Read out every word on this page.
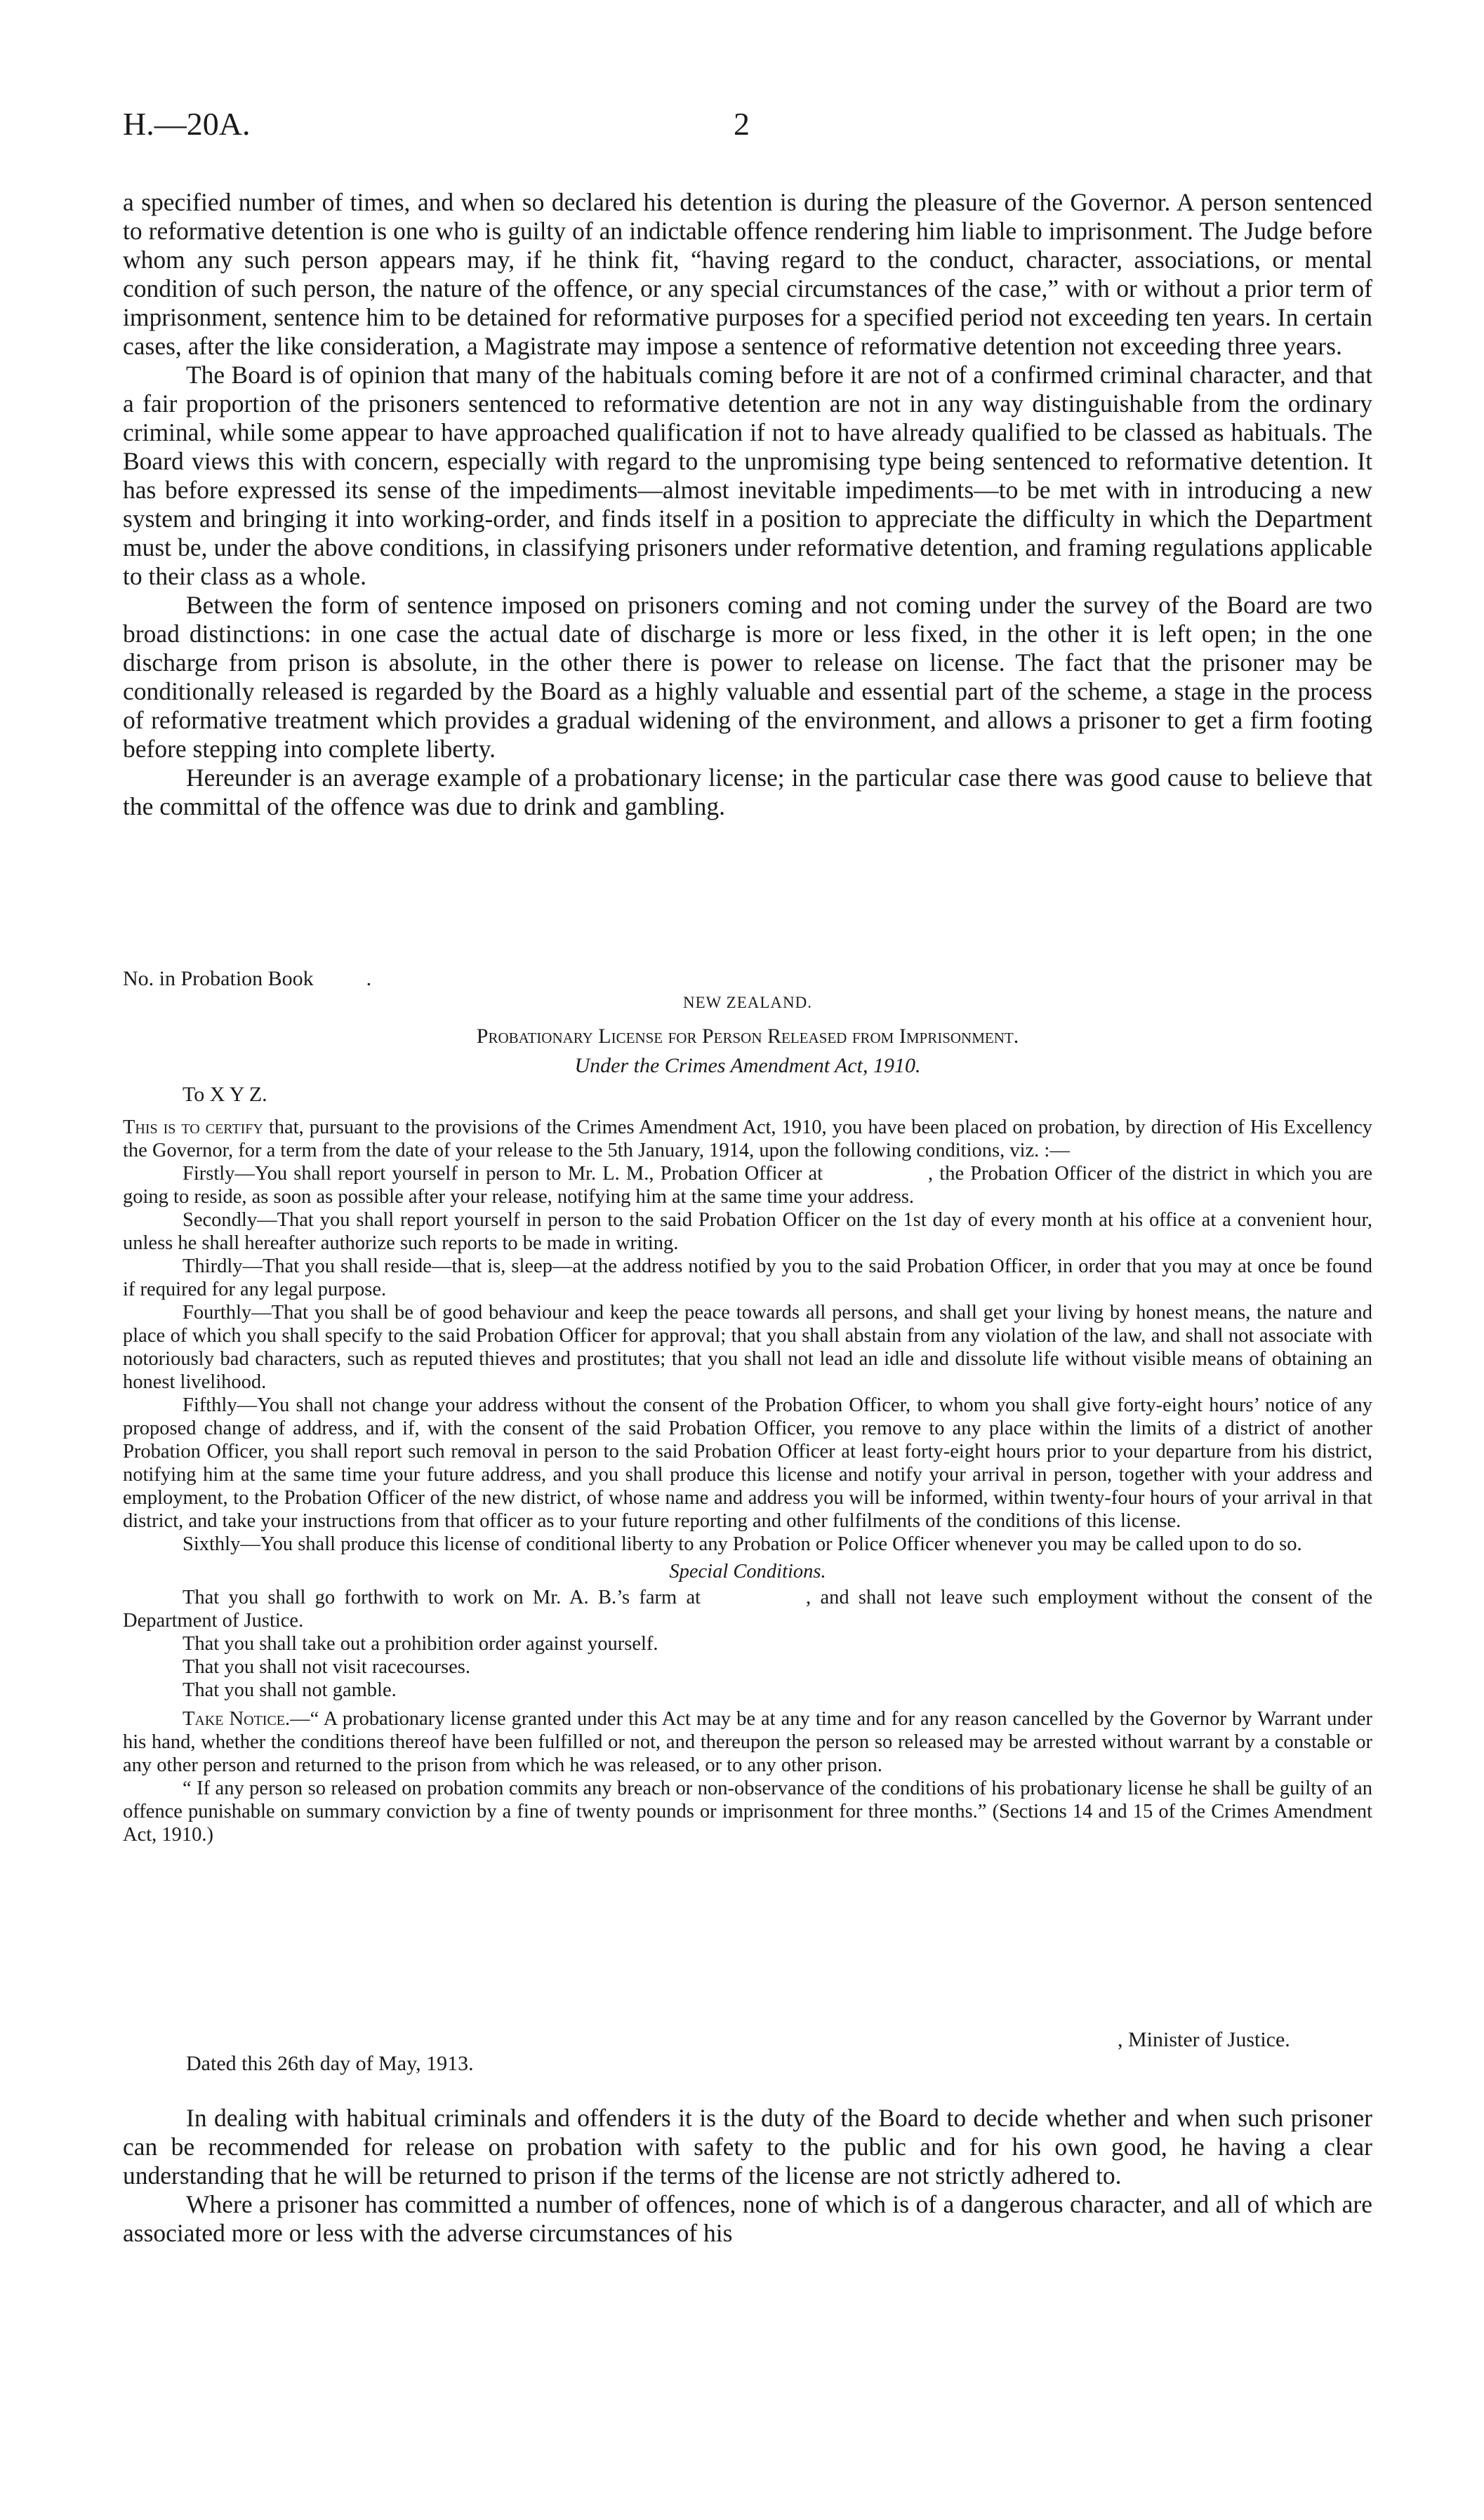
H.—20A.	2

a specified number of times, and when so declared his detention is during the pleasure of the Governor. A person sentenced to reformative detention is one who is guilty of an indictable offence rendering him liable to imprisonment. The Judge before whom any such person appears may, if he think fit, “having regard to the conduct, character, associations, or mental condition of such person, the nature of the offence, or any special circumstances of the case,” with or without a prior term of imprisonment, sentence him to be detained for reformative purposes for a specified period not exceeding ten years. In certain cases, after the like consideration, a Magistrate may impose a sentence of reformative detention not exceeding three years.

The Board is of opinion that many of the habituals coming before it are not of a confirmed criminal character, and that a fair proportion of the prisoners sentenced to reformative detention are not in any way distinguishable from the ordinary criminal, while some appear to have approached qualification if not to have already qualified to be classed as habituals. The Board views this with concern, especially with regard to the unpromising type being sentenced to reformative detention. It has before expressed its sense of the impediments—almost inevitable impediments—to be met with in introducing a new system and bringing it into working-order, and finds itself in a position to appreciate the difficulty in which the Department must be, under the above conditions, in classifying prisoners under reformative detention, and framing regulations applicable to their class as a whole.

Between the form of sentence imposed on prisoners coming and not coming under the survey of the Board are two broad distinctions: in one case the actual date of discharge is more or less fixed, in the other it is left open; in the one discharge from prison is absolute, in the other there is power to release on license. The fact that the prisoner may be conditionally released is regarded by the Board as a highly valuable and essential part of the scheme, a stage in the process of reformative treatment which provides a gradual widening of the environment, and allows a prisoner to get a firm footing before stepping into complete liberty.

Hereunder is an average example of a probationary license; in the particular case there was good cause to believe that the committal of the offence was due to drink and gambling.

No. in Probation Book	.
NEW ZEALAND.
Probationary License for Person Released from Imprisonment.
Under the Crimes Amendment Act, 1910.
To X Y Z.

This is to certify that, pursuant to the provisions of the Crimes Amendment Act, 1910, you have been placed on probation, by direction of His Excellency the Governor, for a term from the date of your release to the 5th January, 1914, upon the following conditions, viz. :—

Firstly—You shall report yourself in person to Mr. L. M., Probation Officer at	, the Probation Officer of the district in which you are going to reside, as soon as possible after your release, notifying him at the same time your address.

Secondly—That you shall report yourself in person to the said Probation Officer on the 1st day of every month at his office at a convenient hour, unless he shall hereafter authorize such reports to be made in writing.

Thirdly—That you shall reside—that is, sleep—at the address notified by you to the said Probation Officer, in order that you may at once be found if required for any legal purpose.

Fourthly—That you shall be of good behaviour and keep the peace towards all persons, and shall get your living by honest means, the nature and place of which you shall specify to the said Probation Officer for approval; that you shall abstain from any violation of the law, and shall not associate with notoriously bad characters, such as reputed thieves and prostitutes; that you shall not lead an idle and dissolute life without visible means of obtaining an honest livelihood.

Fifthly—You shall not change your address without the consent of the Probation Officer, to whom you shall give forty-eight hours’ notice of any proposed change of address, and if, with the consent of the said Probation Officer, you remove to any place within the limits of a district of another Probation Officer, you shall report such removal in person to the said Probation Officer at least forty-eight hours prior to your departure from his district, notifying him at the same time your future address, and you shall produce this license and notify your arrival in person, together with your address and employment, to the Probation Officer of the new district, of whose name and address you will be informed, within twenty-four hours of your arrival in that district, and take your instructions from that officer as to your future reporting and other fulfilments of the conditions of this license.

Sixthly—You shall produce this license of conditional liberty to any Probation or Police Officer whenever you may be called upon to do so.

Special Conditions.

That you shall go forthwith to work on Mr. A. B.’s farm at	, and shall not leave such employment without the consent of the Department of Justice.

That you shall take out a prohibition order against yourself.

That you shall not visit racecourses.

That you shall not gamble.

Take Notice.—“ A probationary license granted under this Act may be at any time and for any reason cancelled by the Governor by Warrant under his hand, whether the conditions thereof have been fulfilled or not, and thereupon the person so released may be arrested without warrant by a constable or any other person and returned to the prison from which he was released, or to any other prison.

“ If any person so released on probation commits any breach or non-observance of the conditions of his probationary license he shall be guilty of an offence punishable on summary conviction by a fine of twenty pounds or imprisonment for three months.” (Sections 14 and 15 of the Crimes Amendment Act, 1910.)

, Minister of Justice.
Dated this 26th day of May, 1913.

In dealing with habitual criminals and offenders it is the duty of the Board to decide whether and when such prisoner can be recommended for release on probation with safety to the public and for his own good, he having a clear understanding that he will be returned to prison if the terms of the license are not strictly adhered to.

Where a prisoner has committed a number of offences, none of which is of a dangerous character, and all of which are associated more or less with the adverse circumstances of his
